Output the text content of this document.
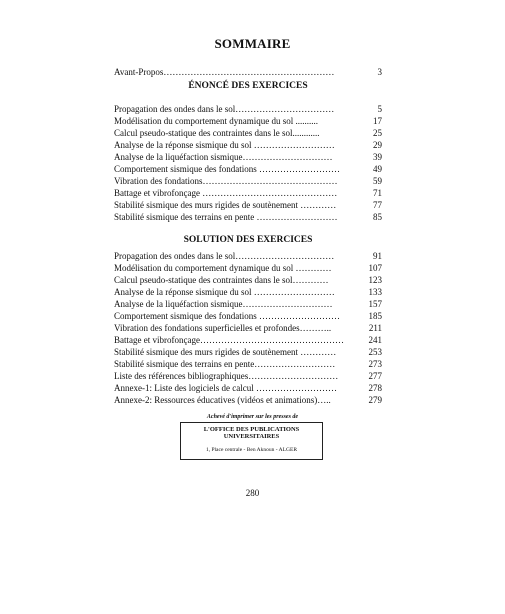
SOMMAIRE
Avant-Propos…………………………………………………	3
ÉNONCÉ DES EXERCICES
Propagation des ondes dans le sol……………………………	5
Modélisation du comportement dynamique du sol ..........	17
Calcul pseudo-statique des contraintes dans le sol............	25
Analyse de la réponse sismique du sol ………………………	29
Analyse de la liquéfaction sismique…………………………	39
Comportement sismique des fondations ………………………	49
Vibration des fondations………………………………………	59
Battage et vibrofonçage ………………………………………	71
Stabilité sismique des murs rigides de soutènement …………	77
Stabilité sismique des terrains en pente ………………………	85
SOLUTION DES EXERCICES
Propagation des ondes dans le sol……………………………	91
Modélisation du comportement dynamique du sol …………	107
Calcul pseudo-statique des contraintes dans le sol…………	123
Analyse de la réponse sismique du sol ………………………	133
Analyse de la liquéfaction sismique…………………………	157
Comportement sismique des fondations ………………………	185
Vibration des fondations superficielles et profondes………..	211
Battage et vibrofonçage…………………………………………	241
Stabilité sismique des murs rigides de soutènement …………	253
Stabilité sismique des terrains en pente………………………	273
Liste des références bibliographiques…………………………	277
Annexe-1: Liste des logiciels de calcul ………………………	278
Annexe-2: Ressources éducatives (vidéos et animations)…..	279
Achevé d'imprimer sur les presses de
L'OFFICE DES PUBLICATIONS
UNIVERSITAIRES
1, Place centrale - Ben Aknoun - ALGER
280
